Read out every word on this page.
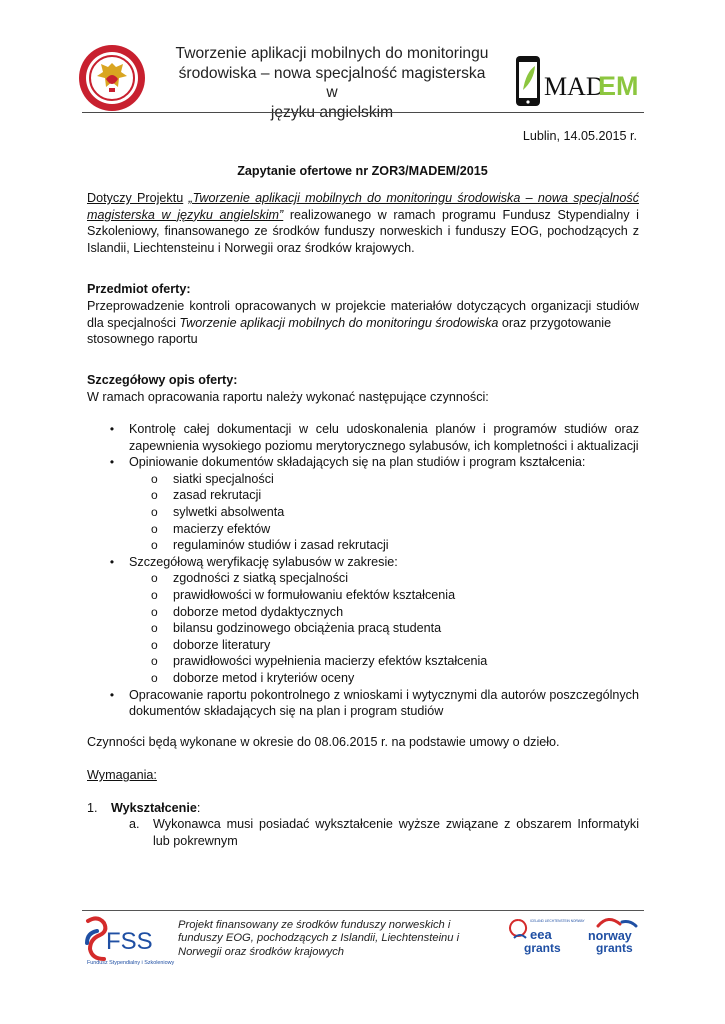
Tworzenie aplikacji mobilnych do monitoringu
środowiska – nowa specjalność magisterska w
języku angielskim
MAD
EM
Lublin, 14.05.2015 r.
Zapytanie ofertowe nr ZOR3/MADEM/2015
Dotyczy Projektu „Tworzenie aplikacji mobilnych do monitoringu środowiska – nowa specjalność magisterska w języku angielskim” realizowanego w ramach programu Fundusz Stypendialny i Szkoleniowy, finansowanego ze środków funduszy norweskich i funduszy EOG, pochodzących z Islandii, Liechtensteinu i Norwegii oraz środków krajowych.
Przedmiot oferty:
Przeprowadzenie kontroli opracowanych w projekcie materiałów dotyczących organizacji studiów dla specjalności Tworzenie aplikacji mobilnych do monitoringu środowiska oraz przygotowanie
stosownego raportu
Szczegółowy opis oferty:
W ramach opracowania raportu należy wykonać następujące czynności:
• Kontrolę całej dokumentacji w celu udoskonalenia planów i programów studiów oraz zapewnienia wysokiego poziomu merytorycznego sylabusów, ich kompletności i aktualizacji
• Opiniowanie dokumentów składających się na plan studiów i program kształcenia:
o siatki specjalności
o zasad rekrutacji
o sylwetki absolwenta
o macierzy efektów
o regulaminów studiów i zasad rekrutacji
• Szczegółową weryfikację sylabusów w zakresie:
o zgodności z siatką specjalności
o prawidłowości w formułowaniu efektów kształcenia
o doborze metod dydaktycznych
o bilansu godzinowego obciążenia pracą studenta
o doborze literatury
o prawidłowości wypełnienia macierzy efektów kształcenia
o doborze metod i kryteriów oceny
• Opracowanie raportu pokontrolnego z wnioskami i wytycznymi dla autorów poszczególnych dokumentów składających się na plan i program studiów
Czynności będą wykonane w okresie do 08.06.2015 r. na podstawie umowy o dzieło.
Wymagania:
1. Wykształcenie:
a.	Wykonawca musi posiadać wykształcenie wyższe związane z obszarem Informatyki lub pokrewnym
FSS
Fundusz Stypendialny i Szkoleniowy
Projekt finansowany ze środków funduszy norweskich i funduszy EOG, pochodzących z Islandii, Liechtensteinu i Norwegii oraz środków krajowych
ICELAND LIECHTENSTEIN NORWAY
eea
grants
norway
grants
